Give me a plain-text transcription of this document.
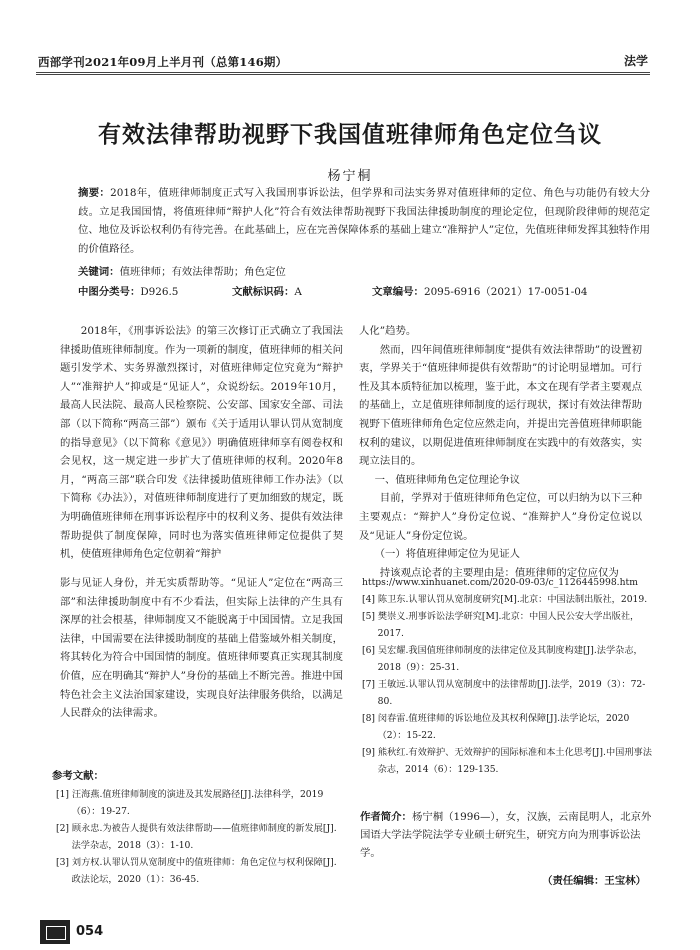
西部学刊2021年09月上半月刊（总第146期）	法学
有效法律帮助视野下我国值班律师角色定位刍议
杨宁桐
摘要：2018年，值班律师制度正式写入我国刑事诉讼法，但学界和司法实务界对值班律师的定位、角色与功能仍有较大分歧。立足我国国情，将值班律师“辩护人化”符合有效法律帮助视野下我国法律援助制度的理论定位，但现阶段律师的规范定位、地位及诉讼权利仍有待完善。在此基础上，应在完善保障体系的基础上建立“准辩护人”定位，先值班律师发挥其独特作用的价值路径。
关键词：值班律师；有效法律帮助；角色定位
中图分类号：D926.5	文献标识码：A	文章编号：2095-6916（2021）17-0051-04

2018年，《刑事诉讼法》的第三次修订正式确立了我国法律援助值班律师制度。作为一项新的制度，值班律师的相关问题引发学术、实务界激烈探讨，对值班律师定位究竟为“辩护人”“准辩护人”抑或是“见证人”，众说纷纭。2019年10月，最高人民法院、最高人民检察院、公安部、国家安全部、司法部（以下简称“两高三部”）颁布《关于适用认罪认罚从宽制度的指导意见》（以下简称《意见》）明确值班律师享有阅卷权和会见权，这一规定进一步扩大了值班律师的权利。2020年8月，“两高三部”联合印发《法律援助值班律师工作办法》（以下简称《办法》），对值班律师制度进行了更加细致的规定，既为明确值班律师在刑事诉讼程序中的权利义务、提供有效法律帮助提供了制度保障，同时也为落实值班律师定位提供了契机，使值班律师角色定位朝着“辩护

人化”趋势。

然而，四年间值班律师制度“提供有效法律帮助”的设置初衷，学界关于“值班律师提供有效帮助”的讨论明显增加。可行性及其本质特征加以梳理，鉴于此，本文在现有学者主要观点的基础上，立足值班律师制度的运行现状，探讨有效法律帮助视野下值班律师角色定位应然走向，并提出完善值班律师职能权利的建议，以期促进值班律师制度在实践中的有效落实，实现立法目的。

一、值班律师角色定位理论争议

目前，学界对于值班律师角色定位，可以归纳为以下三种主要观点：“辩护人”身份定位说、“准辩护人”身份定位说以及“见证人”身份定位说。

（一）将值班律师定位为见证人

持该观点论者的主要理由是：值班律师的定位应仅为

影与见证人身份，并无实质帮助等。“见证人”定位在“两高三部”和法律援助制度中有不少看法，但实际上法律的产生具有深厚的社会根基，律师制度又不能脱离于中国国情。立足我国法律，中国需要在法律援助制度的基础上借鉴域外相关制度，将其转化为符合中国国情的制度。值班律师要真正实现其制度价值，应在明确其“辩护人”身份的基础上不断完善。推进中国特色社会主义法治国家建设，实现良好法律服务供给，以满足人民群众的法律需求。

参考文献：

[1] 汪海燕.值班律师制度的演进及其发展路径[J].法律科学，2019（6）：19-27.

[2] 顾永忠.为被告人提供有效法律帮助——值班律师制度的新发展[J].法学杂志，2018（3）：1-10.

[3] 刘方权.认罪认罚从宽制度中的值班律师：角色定位与权利保障[J].政法论坛，2020（1）：36-45.

https://www.xinhuanet.com/2020-09-03/c_1126445998.htm

[4] 陈卫东.认罪认罚从宽制度研究[M].北京：中国法制出版社，2019.

[5] 樊崇义.刑事诉讼法学研究[M].北京：中国人民公安大学出版社，2017.

[6] 吴宏耀.我国值班律师制度的法律定位及其制度构建[J].法学杂志，2018（9）：25-31.

[7] 王敏远.认罪认罚从宽制度中的法律帮助[J].法学，2019（3）：72-80.

[8] 闵春雷.值班律师的诉讼地位及其权利保障[J].法学论坛，2020（2）：15-22.

[9] 熊秋红.有效辩护、无效辩护的国际标准和本土化思考[J].中国刑事法杂志，2014（6）：129-135.

作者简介：杨宁桐（1996—），女，汉族，云南昆明人，北京外国语大学法学院法学专业硕士研究生，研究方向为刑事诉讼法学。
（责任编辑：王宝林）
054
